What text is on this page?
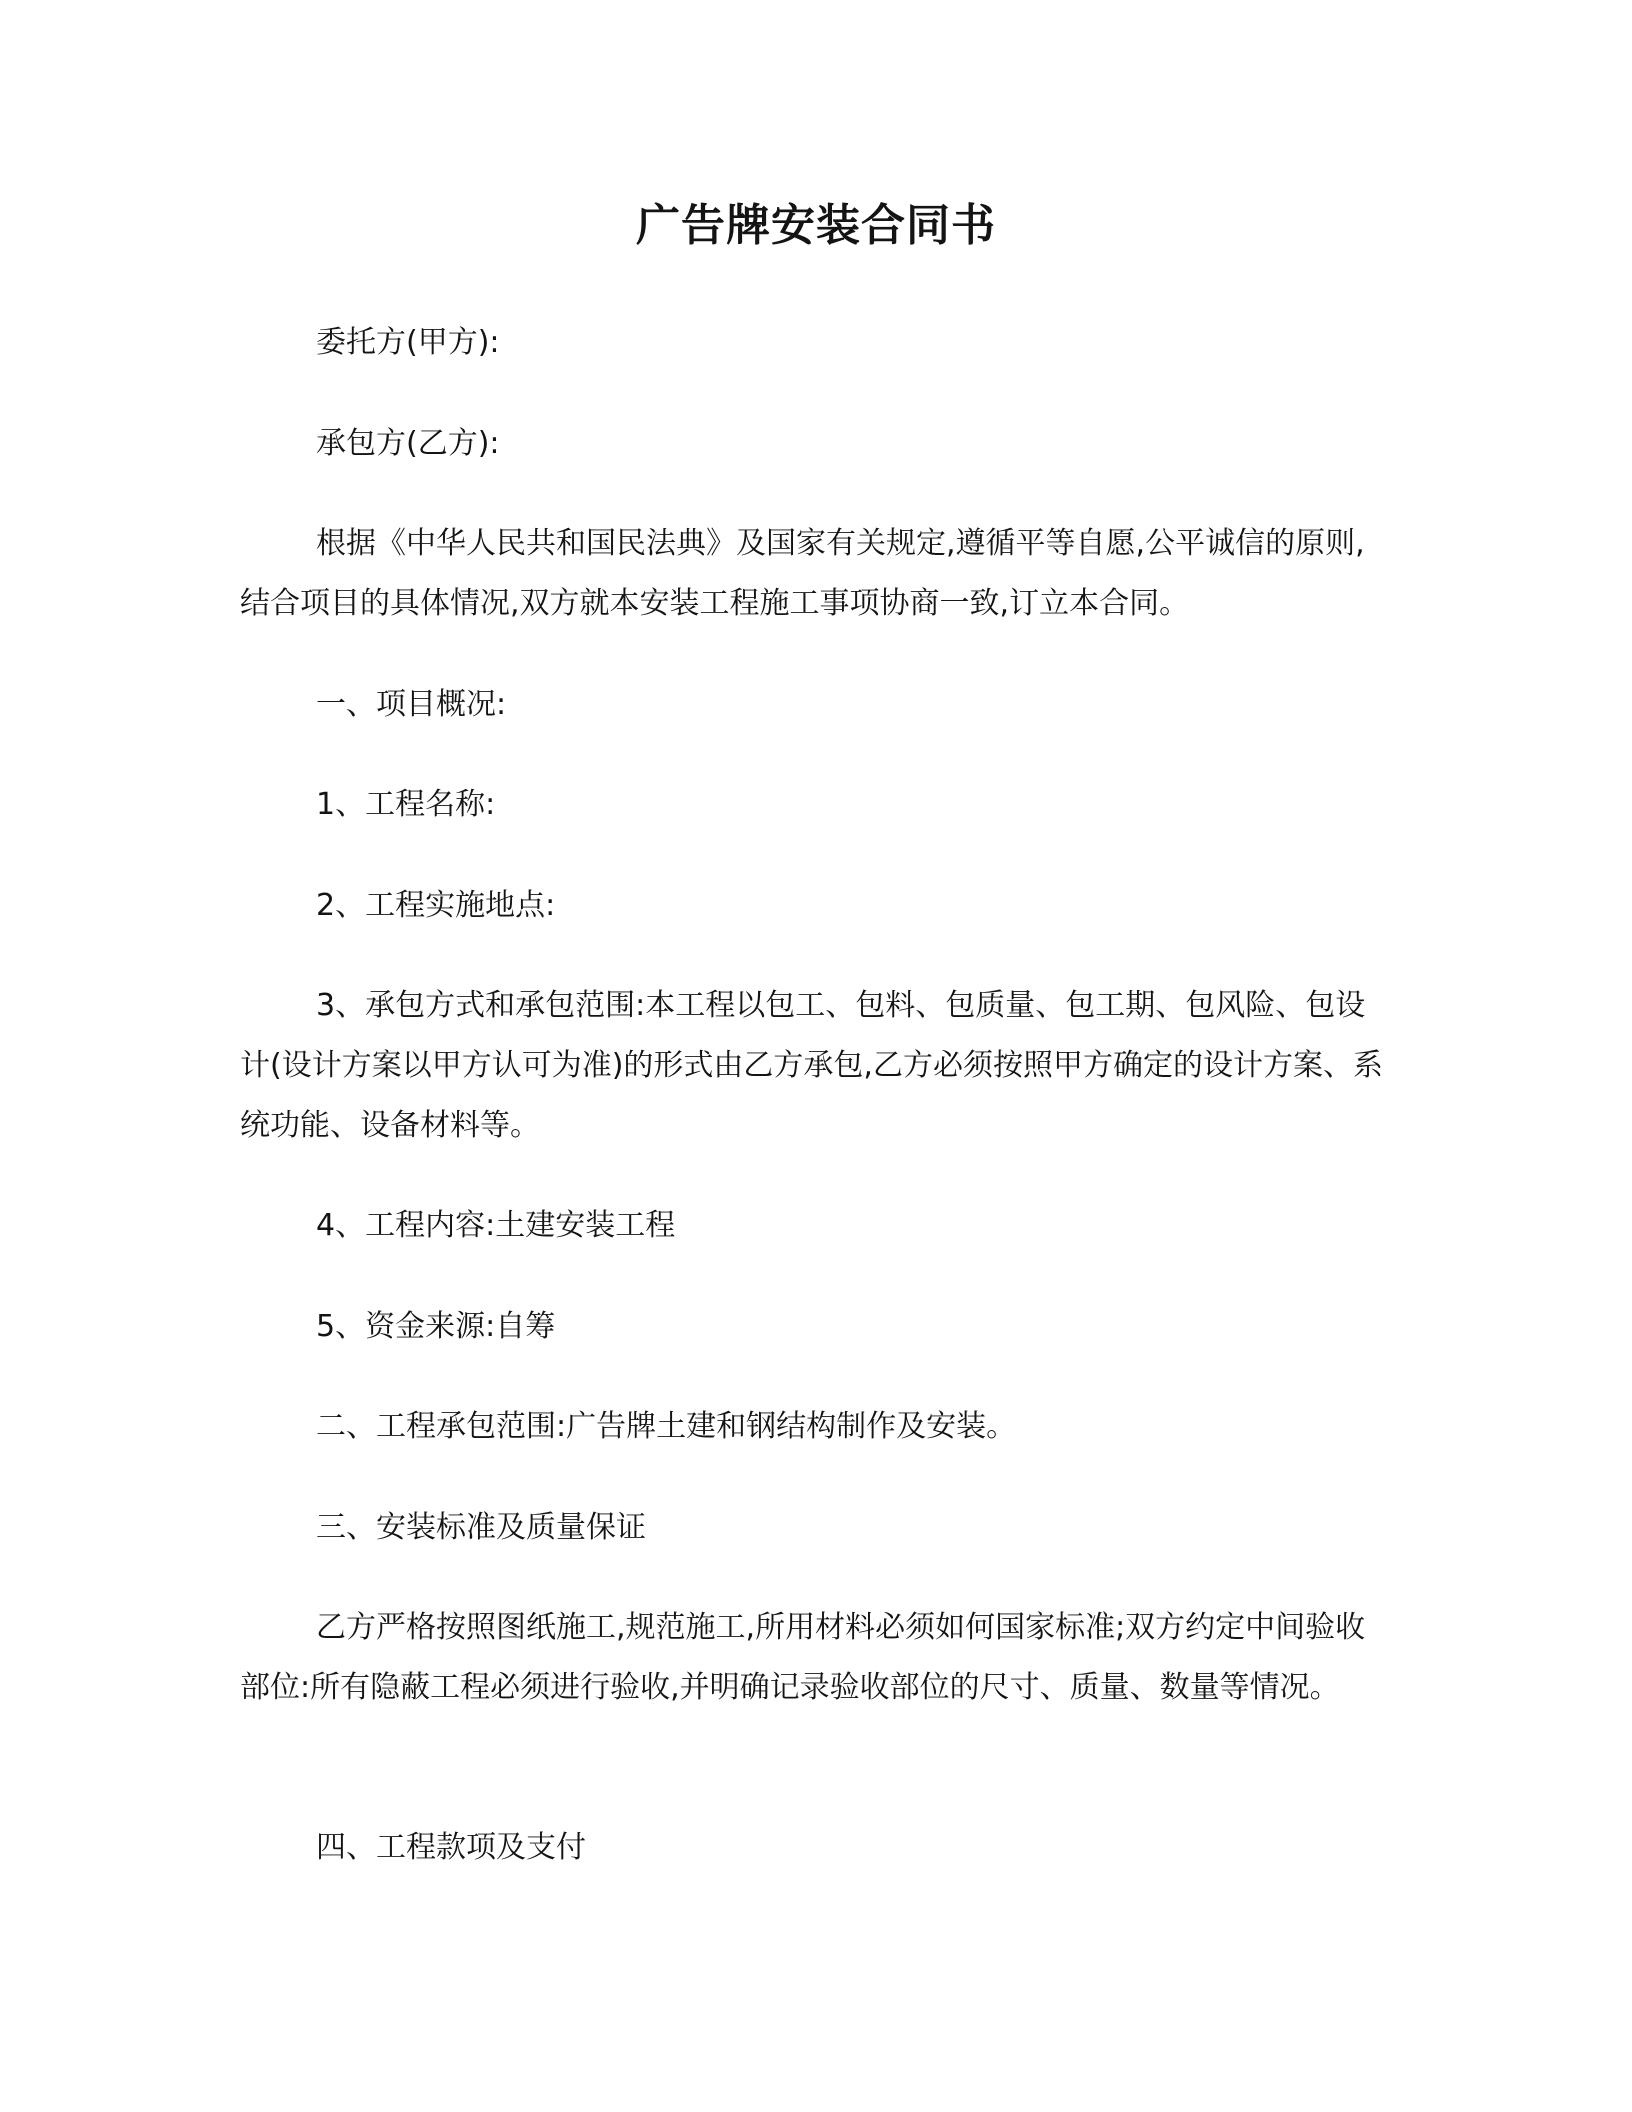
广告牌安装合同书
委托方(甲方):
承包方(乙方):
根据《中华人民共和国民法典》及国家有关规定,遵循平等自愿,公平诚信的原则,结合项目的具体情况,双方就本安装工程施工事项协商一致,订立本合同。
一、项目概况:
1、工程名称:
2、工程实施地点:
3、承包方式和承包范围:本工程以包工、包料、包质量、包工期、包风险、包设计(设计方案以甲方认可为准)的形式由乙方承包,乙方必须按照甲方确定的设计方案、系统功能、设备材料等。
4、工程内容:土建安装工程
5、资金来源:自筹
二、工程承包范围:广告牌土建和钢结构制作及安装。
三、安装标准及质量保证
乙方严格按照图纸施工,规范施工,所用材料必须如何国家标准;双方约定中间验收部位:所有隐蔽工程必须进行验收,并明确记录验收部位的尺寸、质量、数量等情况。
四、工程款项及支付
